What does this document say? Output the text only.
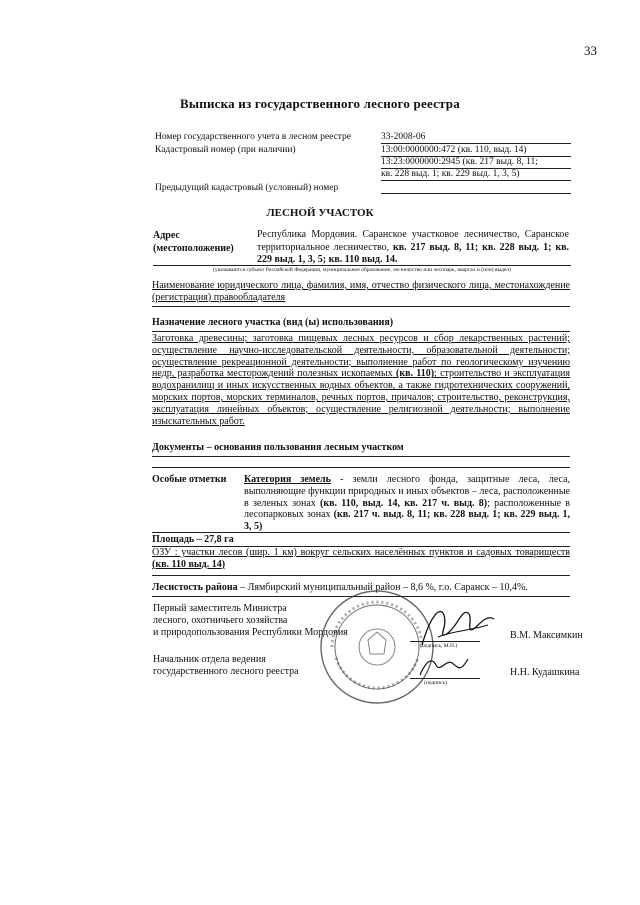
33
Выписка из государственного лесного реестра
Номер государственного учета в лесном реестре	33-2008-06
Кадастровый номер (при наличии)	13:00:0000000:472 (кв. 110, выд. 14)
13:23:0000000:2945 (кв. 217 выд. 8, 11;
кв. 228 выд. 1; кв. 229 выд. 1, 3, 5)
Предыдущий кадастровый (условный) номер
ЛЕСНОЙ УЧАСТОК
Адрес
(местоположение)
Республика Мордовия. Саранское участковое лесничество, Саранское территориальное лесничество, кв. 217 выд. 8, 11; кв. 228 выд. 1; кв. 229 выд. 1, 3, 5; кв. 110 выд. 14.
(указываются субъект Российской Федерации, муниципальное образование, лесничество или лесопарк, квартал и (или) выдел)
Наименование юридического лица, фамилия, имя, отчество физического лица, местонахождение (регистрация) правообладателя
Назначение лесного участка (вид (ы) использования)
Заготовка древесины; заготовка пищевых лесных ресурсов и сбор лекарственных растений; осуществление научно-исследовательской деятельности, образовательной деятельности; осуществление рекреационной деятельности; выполнение работ по геологическому изучению недр, разработка месторождений полезных ископаемых (кв. 110); строительство и эксплуатация водохранилищ и иных искусственных водных объектов, а также гидротехнических сооружений, морских портов, морских терминалов, речных портов, причалов; строительство, реконструкция, эксплуатация линейных объектов; осуществление религиозной деятельности; выполнение изыскательных работ.
Документы – основания пользования лесным участком
Особые отметки Категория земель - земли лесного фонда, защитные леса, леса, выполняющие функции природных и иных объектов – леса, расположенные в зеленых зонах (кв. 110, выд. 14, кв. 217 ч. выд. 8); расположенные в лесопарковых зонах (кв. 217 ч. выд. 8, 11; кв. 228 выд. 1; кв. 229 выд. 1, 3, 5)
Площадь – 27,8 га
ОЗУ : участки лесов (шир. 1 км) вокруг сельских населённых пунктов и садовых товариществ (кв. 110 выд. 14)
Лесистость района – Лямбирский муниципальный район – 8,6 %, г.о. Саранск – 10,4%.
Первый заместитель Министра
лесного, охотничьего хозяйства
и природопользования Республики Мордовия
(подпись, М.П.)
В.М. Максимкин
Начальник отдела ведения
государственного лесного реестра
(подпись)
Н.Н. Кудашкина
